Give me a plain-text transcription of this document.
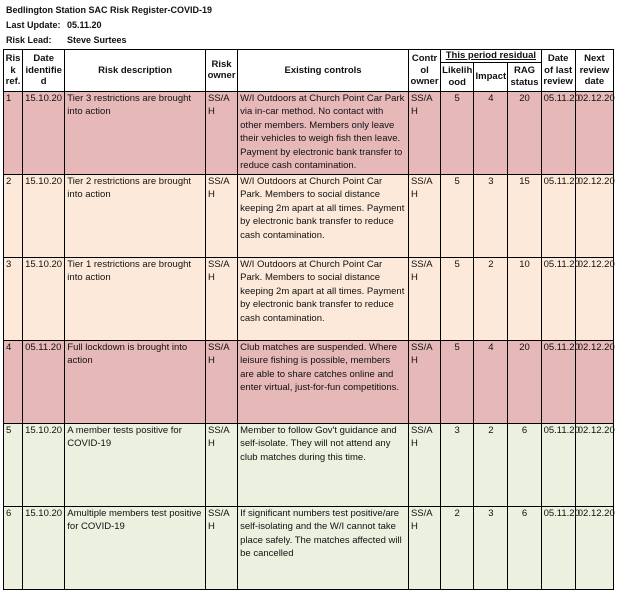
Bedlington Station SAC Risk Register-COVID-19
Last Update: 05.11.20
Risk Lead:	Steve Surtees
Risk ref.	Date identified	Risk description	Risk owner	Existing controls	Control owner	This period residual			Date of last review	Next review date
						Likelihood	Impact	RAG status		
1	15.10.20	Tier 3 restrictions are brought into action	SS/AH	W/I Outdoors at Church Point Car Park via in-car method. No contact with other members. Members only leave their vehicles to weigh fish then leave. Payment by electronic bank transfer to reduce cash contamination.	SS/AH	5	4	20	05.11.20	02.12.20
2	15.10.20	Tier 2 restrictions are brought into action	SS/AH	W/I Outdoors at Church Point Car Park. Members to social distance keeping 2m apart at all times. Payment by electronic bank transfer to reduce cash contamination.	SS/AH	5	3	15	05.11.20	02.12.20
3	15.10.20	Tier 1 restrictions are brought into action	SS/AH	W/I Outdoors at Church Point Car Park. Members to social distance keeping 2m apart at all times. Payment by electronic bank transfer to reduce cash contamination.	SS/AH	5	2	10	05.11.20	02.12.20
4	05.11.20	Full lockdown is brought into action	SS/AH	Club matches are suspended. Where leisure fishing is possible, members are able to share catches online and enter virtual, just-for-fun competitions.	SS/AH	5	4	20	05.11.20	02.12.20
5	15.10.20	A member tests positive for COVID-19	SS/AH	Member to follow Gov't guidance and self-isolate. They will not attend any club matches during this time.	SS/AH	3	2	6	05.11.20	02.12.20
6	15.10.20	Amultiple members test positive for COVID-19	SS/AH	If significant numbers test positive/are self-isolating and the W/I cannot take place safely. The matches affected will be cancelled	SS/AH	2	3	6	05.11.20	02.12.20
